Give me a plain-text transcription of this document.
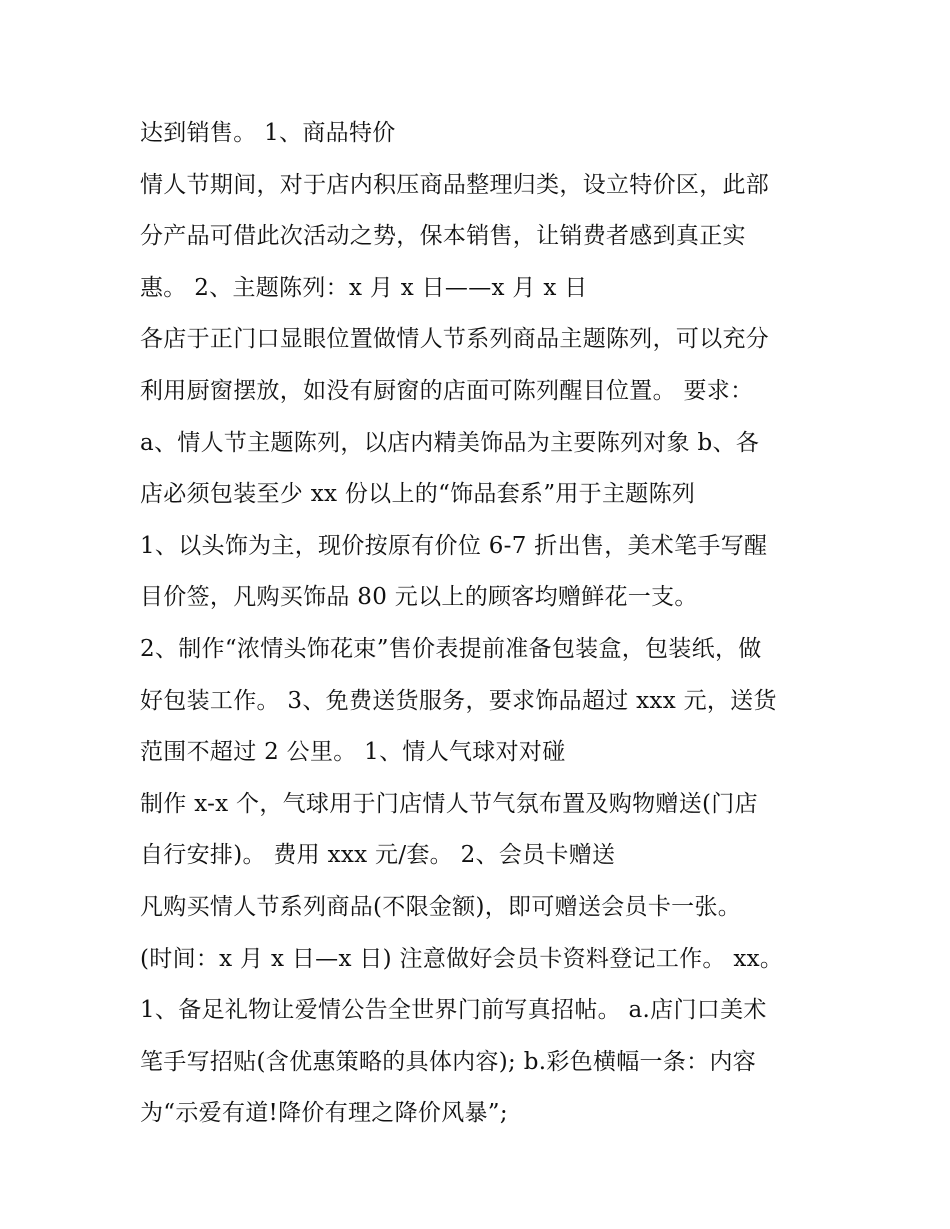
达到销售。 1、商品特价
情人节期间，对于店内积压商品整理归类，设立特价区，此部
分产品可借此次活动之势，保本销售，让销费者感到真正实
惠。 2、主题陈列：x 月 x 日——x 月 x 日
各店于正门口显眼位置做情人节系列商品主题陈列，可以充分
利用厨窗摆放，如没有厨窗的店面可陈列醒目位置。 要求：
a、情人节主题陈列，以店内精美饰品为主要陈列对象 b、各
店必须包装至少 xx 份以上的“饰品套系”用于主题陈列
1、以头饰为主，现价按原有价位 6-7 折出售，美术笔手写醒
目价签，凡购买饰品 80 元以上的顾客均赠鲜花一支。
2、制作“浓情头饰花束”售价表提前准备包装盒，包装纸，做
好包装工作。 3、免费送货服务，要求饰品超过 xxx 元，送货
范围不超过 2 公里。 1、情人气球对对碰
制作 x-x 个，气球用于门店情人节气氛布置及购物赠送(门店
自行安排)。 费用 xxx 元/套。 2、会员卡赠送
凡购买情人节系列商品(不限金额)，即可赠送会员卡一张。
(时间：x 月 x 日—x 日) 注意做好会员卡资料登记工作。 xx。
1、备足礼物让爱情公告全世界门前写真招帖。 a.店门口美术
笔手写招贴(含优惠策略的具体内容); b.彩色横幅一条：内容
为“示爱有道!降价有理之降价风暴”;
